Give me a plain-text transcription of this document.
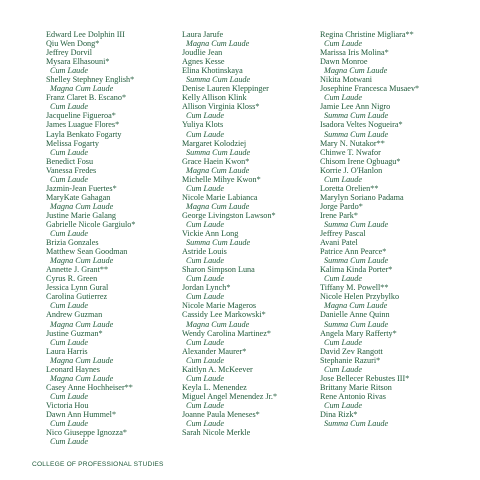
Edward Lee Dolphin III
Qiu Wen Dong*
Jeffrey Dorvil
Mysara Elhasouni*
Cum Laude
Shelley Stephney English*
Magna Cum Laude
Franz Claret B. Escano*
Cum Laude
Jacqueline Figueroa*
James Luague Flores*
Layla Benkato Fogarty
Melissa Fogarty
Cum Laude
Benedict Fosu
Vanessa Fredes
Cum Laude
Jazmin-Jean Fuertes*
MaryKate Gahagan
Magna Cum Laude
Justine Marie Galang
Gabrielle Nicole Gargiulo*
Cum Laude
Brizia Gonzales
Matthew Sean Goodman
Magna Cum Laude
Annette J. Grant**
Cyrus R. Green
Jessica Lynn Gural
Carolina Gutierrez
Cum Laude
Andrew Guzman
Magna Cum Laude
Justine Guzman*
Cum Laude
Laura Harris
Magna Cum Laude
Leonard Haynes
Magna Cum Laude
Casey Anne Hochheiser**
Cum Laude
Victoria Hou
Dawn Ann Hummel*
Cum Laude
Nico Giuseppe Ignozza*
Cum Laude
Laura Jarufe
Magna Cum Laude
Joudlie Jean
Agnes Kesse
Elina Khotinskaya
Summa Cum Laude
Denise Lauren Kleppinger
Kelly Allison Klink
Allison Virginia Kloss*
Cum Laude
Yuliya Klots
Cum Laude
Margaret Kolodziej
Summa Cum Laude
Grace Haein Kwon*
Magna Cum Laude
Michelle Mihye Kwon*
Cum Laude
Nicole Marie Labianca
Magna Cum Laude
George Livingston Lawson*
Cum Laude
Vickie Ann Long
Summa Cum Laude
Astride Louis
Cum Laude
Sharon Simpson Luna
Cum Laude
Jordan Lynch*
Cum Laude
Nicole Marie Mageros
Cassidy Lee Markowski*
Magna Cum Laude
Wendy Carolina Martinez*
Cum Laude
Alexander Maurer*
Cum Laude
Kaitlyn A. McKeever
Cum Laude
Keyla L. Menendez
Miguel Angel Menendez Jr.*
Cum Laude
Joanne Paula Meneses*
Cum Laude
Sarah Nicole Merkle
Regina Christine Migliara**
Cum Laude
Marissa Iris Molina*
Dawn Monroe
Magna Cum Laude
Nikita Motwani
Josephine Francesca Musaev*
Cum Laude
Jamie Lee Ann Nigro
Summa Cum Laude
Isadora Veltes Nogueira*
Summa Cum Laude
Mary N. Nutakor**
Chinwe T. Nwafor
Chisom Irene Ogbuagu*
Korrie J. O'Hanlon
Cum Laude
Loretta Orelien**
Marylyn Soriano Padama
Jorge Pardo*
Irene Park*
Summa Cum Laude
Jeffrey Pascal
Avani Patel
Patrice Ann Pearce*
Summa Cum Laude
Kalima Kinda Porter*
Cum Laude
Tiffany M. Powell**
Nicole Helen Przybylko
Magna Cum Laude
Danielle Anne Quinn
Summa Cum Laude
Angela Mary Rafferty*
Cum Laude
David Zev Rangott
Stephanie Razuri*
Cum Laude
Jose Bellecer Rebustes III*
Brittany Marie Ritson
Rene Antonio Rivas
Cum Laude
Dina Rizk*
Summa Cum Laude
COLLEGE OF PROFESSIONAL STUDIES
